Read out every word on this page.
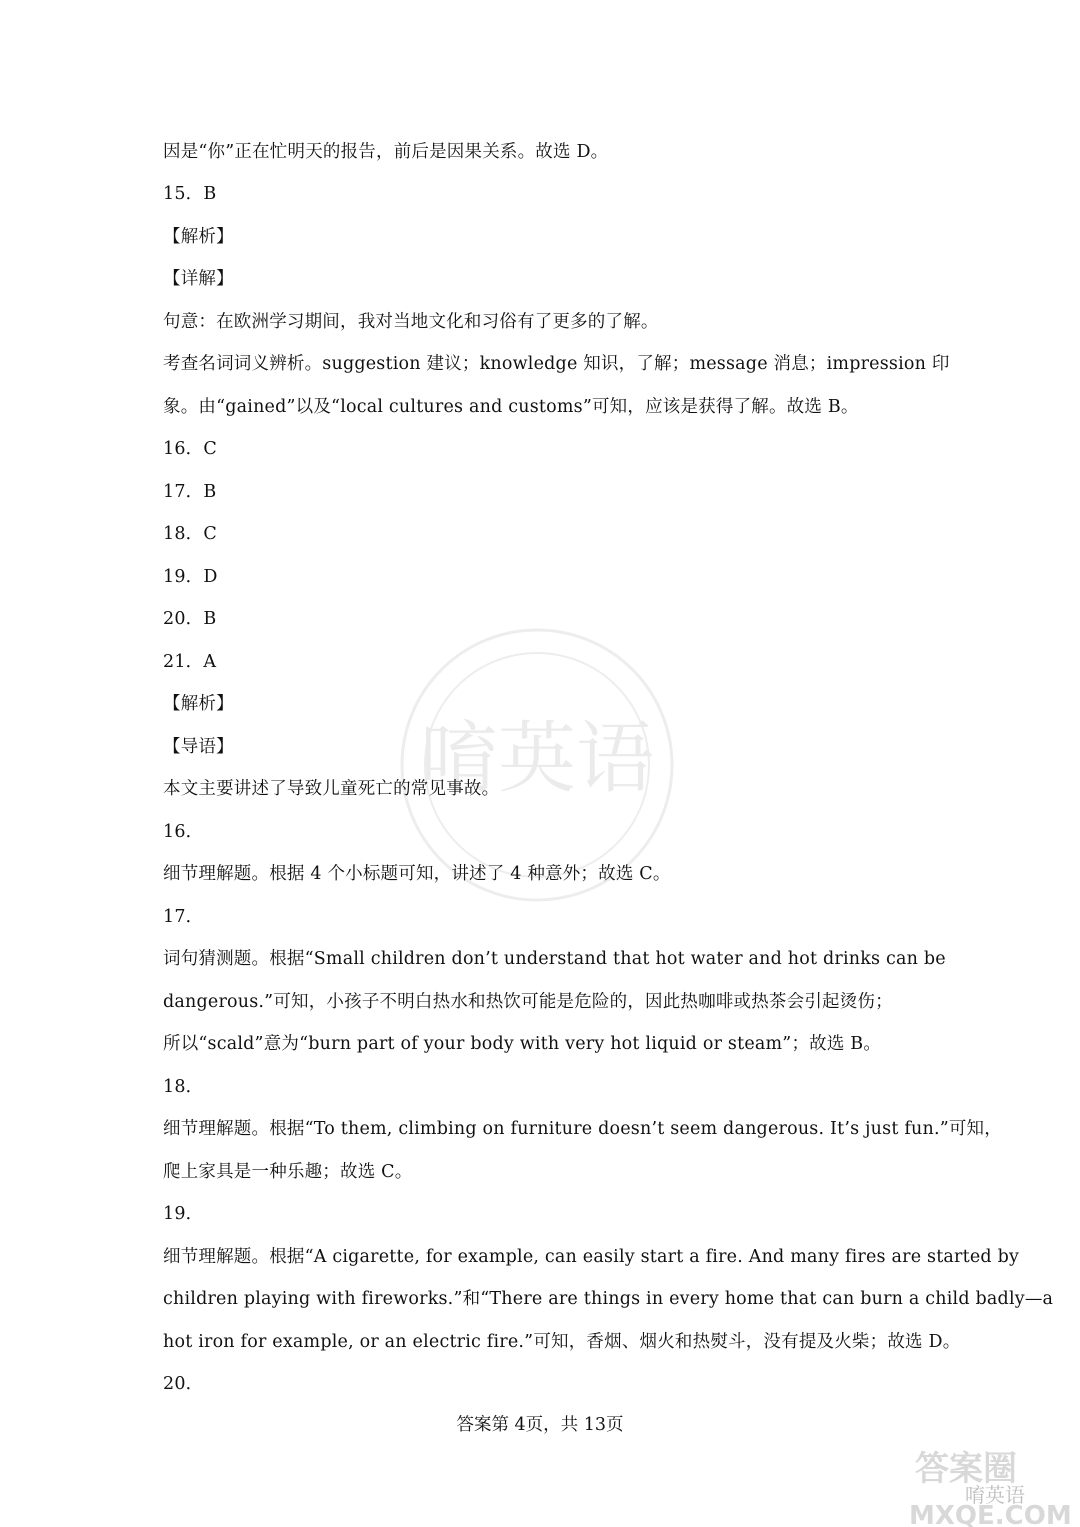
唷英语

因是“你”正在忙明天的报告，前后是因果关系。故选 D。

15．B

【解析】

【详解】

句意：在欧洲学习期间，我对当地文化和习俗有了更多的了解。

考查名词词义辨析。suggestion 建议；knowledge 知识，了解；message 消息；impression 印

象。由“gained”以及“local cultures and customs”可知，应该是获得了解。故选 B。

16．C

17．B

18．C

19．D

20．B

21．A

【解析】

【导语】

本文主要讲述了导致儿童死亡的常见事故。

16．

细节理解题。根据 4 个小标题可知，讲述了 4 种意外；故选 C。

17．

词句猜测题。根据“Small children don’t understand that hot water and hot drinks can be

dangerous.”可知，小孩子不明白热水和热饮可能是危险的，因此热咖啡或热茶会引起烫伤；

所以“scald”意为“burn part of your body with very hot liquid or steam”；故选 B。

18．

细节理解题。根据“To them, climbing on furniture doesn’t seem dangerous. It’s just fun.”可知，

爬上家具是一种乐趣；故选 C。

19．

细节理解题。根据“A cigarette, for example, can easily start a fire. And many fires are started by

children playing with fireworks.”和“There are things in every home that can burn a child badly—a

hot iron for example, or an electric fire.”可知，香烟、烟火和热熨斗，没有提及火柴；故选 D。

20．

答案第 4页，共 13页
答案圈
唷英语
MXQE.COM
